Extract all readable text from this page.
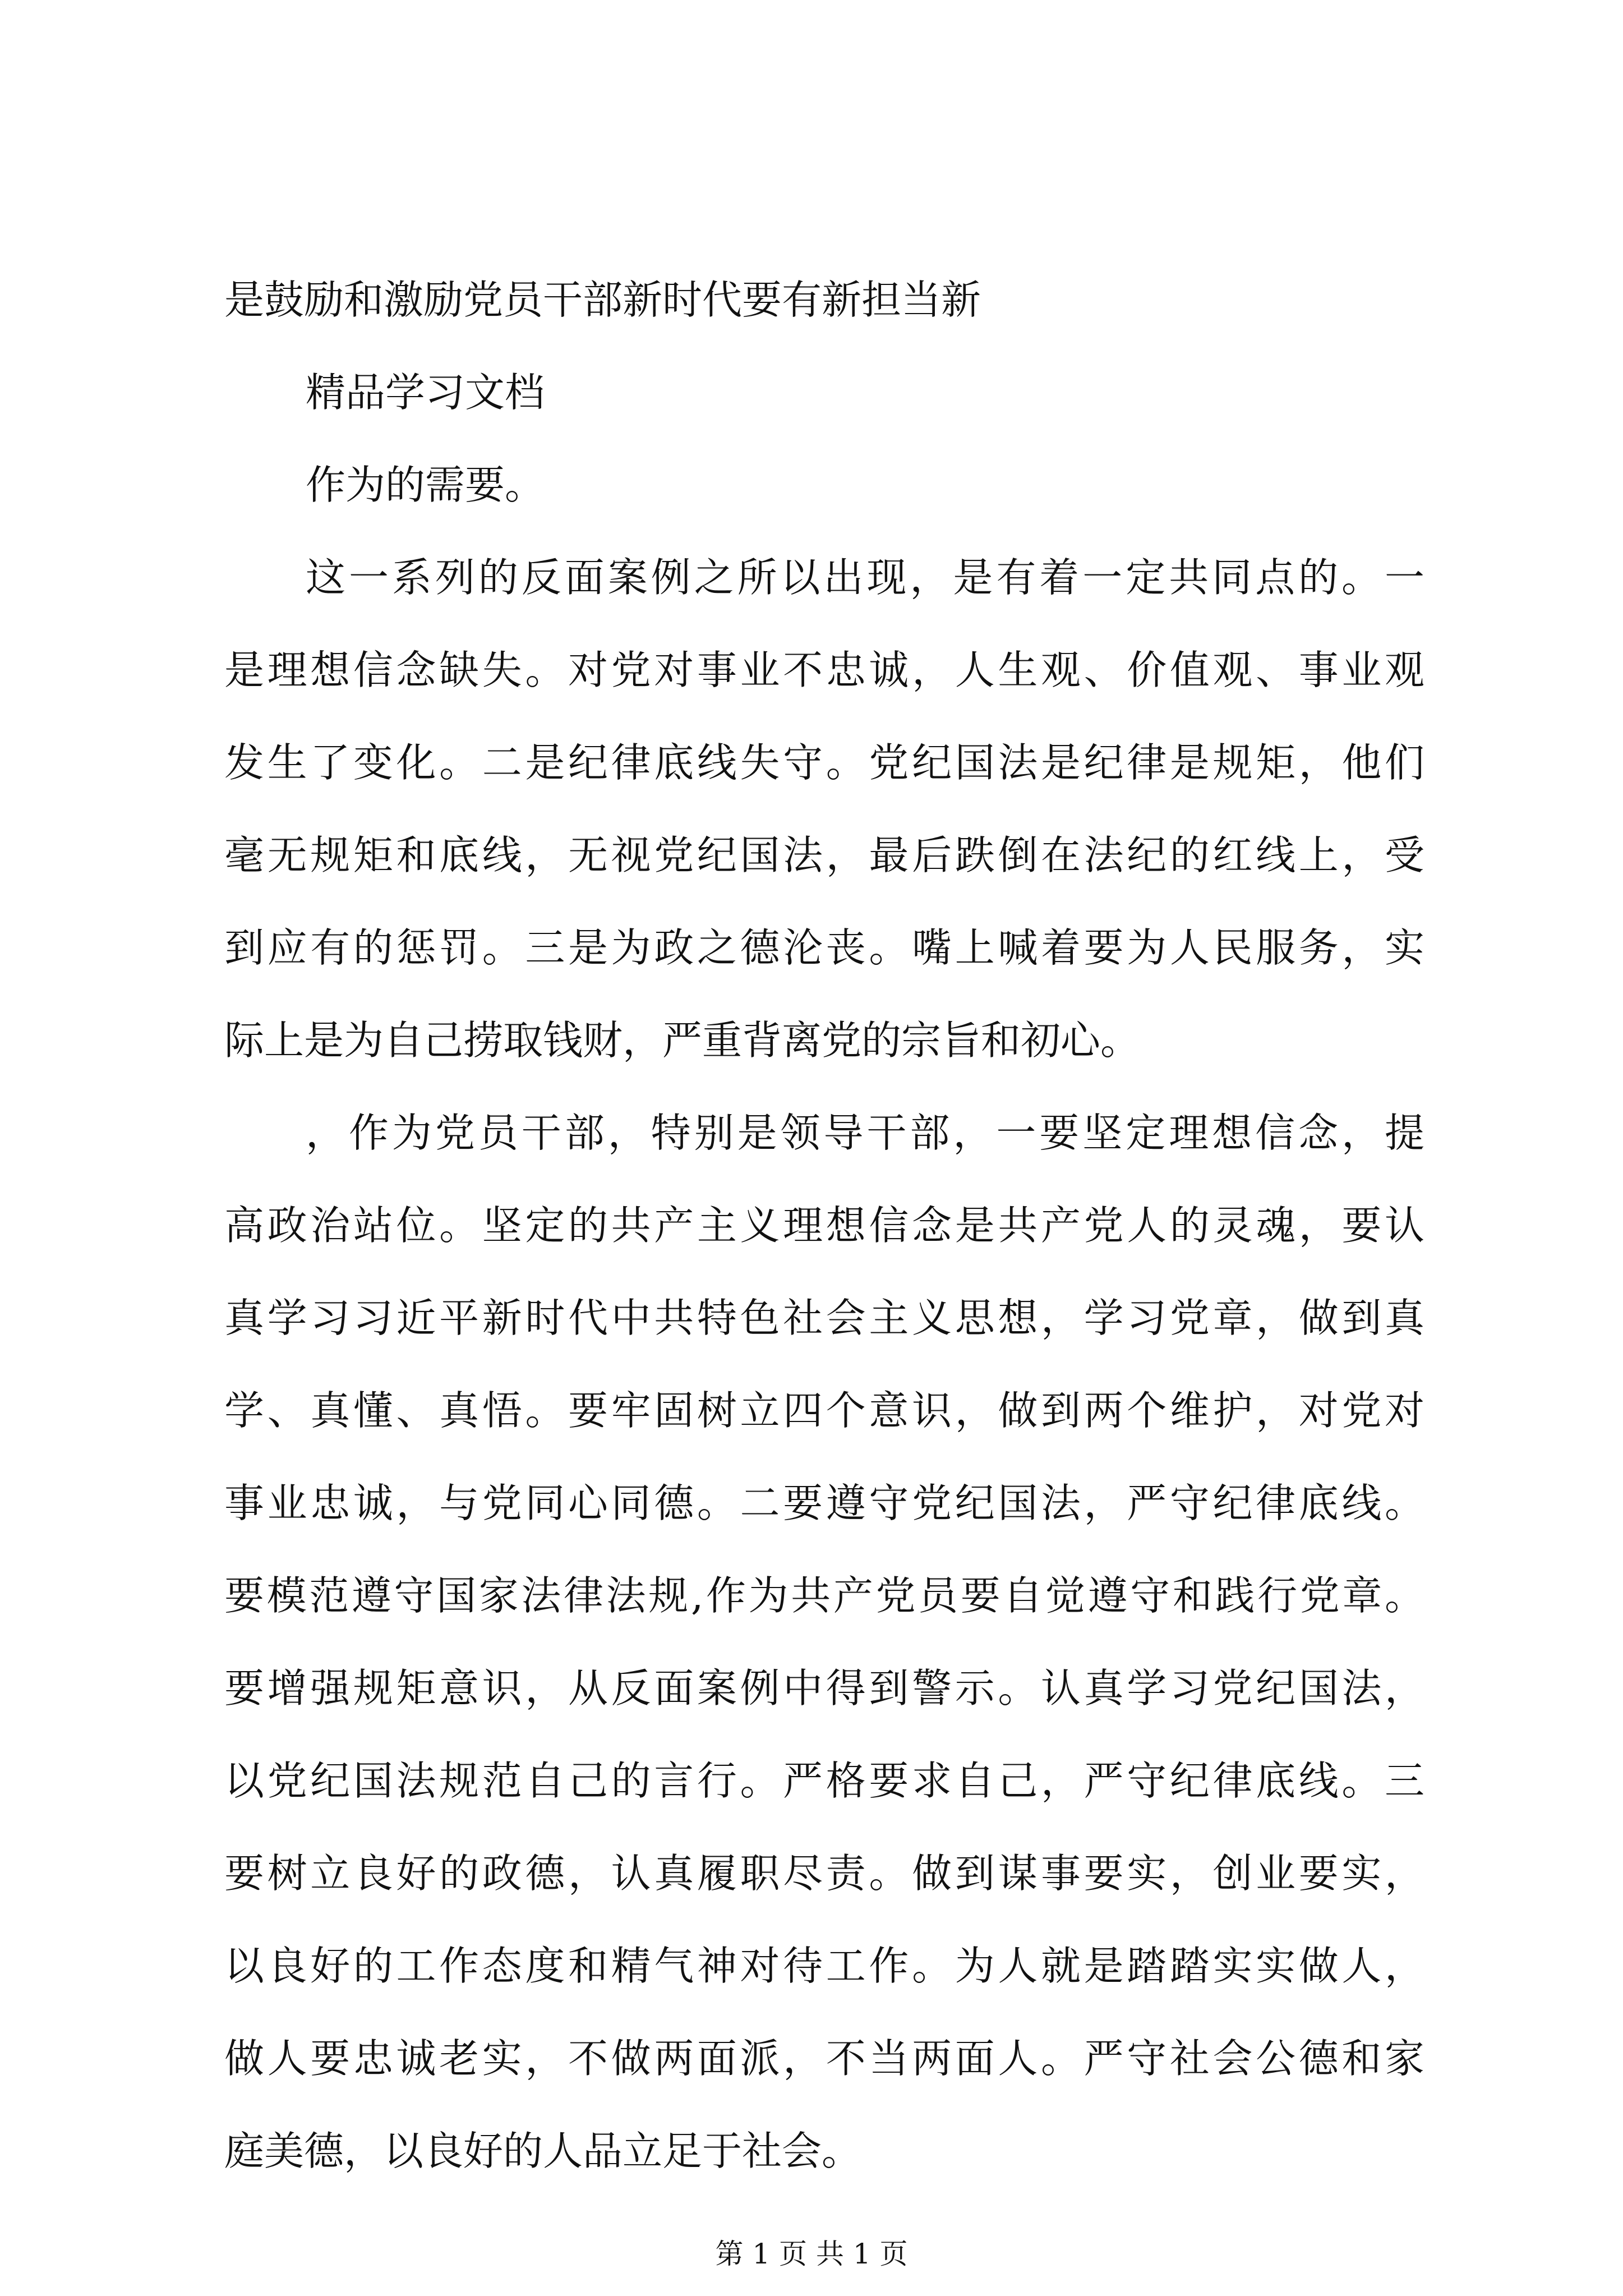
是鼓励和激励党员干部新时代要有新担当新
精品学习文档
作为的需要。
这一系列的反面案例之所以出现，是有着一定共同点的。一
是理想信念缺失。对党对事业不忠诚，人生观、价值观、事业观
发生了变化。二是纪律底线失守。党纪国法是纪律是规矩，他们
毫无规矩和底线，无视党纪国法，最后跌倒在法纪的红线上，受
到应有的惩罚。三是为政之德沦丧。嘴上喊着要为人民服务，实
际上是为自己捞取钱财，严重背离党的宗旨和初心。
，作为党员干部，特别是领导干部，一要坚定理想信念，提
高政治站位。坚定的共产主义理想信念是共产党人的灵魂，要认
真学习习近平新时代中共特色社会主义思想，学习党章，做到真
学、真懂、真悟。要牢固树立四个意识，做到两个维护，对党对
事业忠诚，与党同心同德。二要遵守党纪国法，严守纪律底线。
要模范遵守国家法律法规,作为共产党员要自觉遵守和践行党章。
要增强规矩意识，从反面案例中得到警示。认真学习党纪国法，
以党纪国法规范自己的言行。严格要求自己，严守纪律底线。三
要树立良好的政德，认真履职尽责。做到谋事要实，创业要实，
以良好的工作态度和精气神对待工作。为人就是踏踏实实做人，
做人要忠诚老实，不做两面派，不当两面人。严守社会公德和家
庭美德，以良好的人品立足于社会。
第 1 页 共 1 页
